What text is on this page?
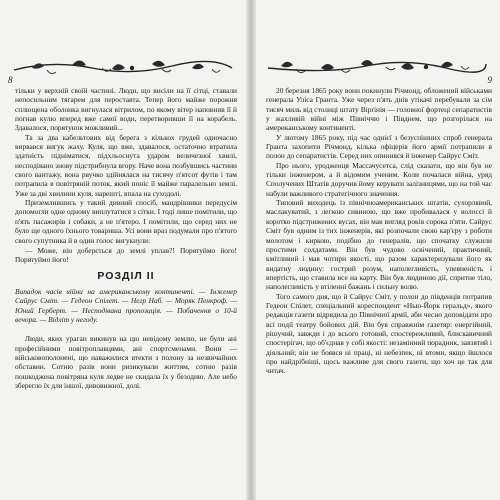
8

тільки у верхній своїй частині. Люди, що висіли на її сітці, ставали непосильним тягарем для пероставта. Тепер його майже порожня сплющена оболонка вигнулася вітрилом, по якому вітер наповнив її й погнав кулю вперед вже самої води, перетворивши її на корабель. Здавалося, порятунок можливий...

Та за два кабельтових від берега з кількох грудей одночасно вирвався вигук жаху. Куля, що вже, здавалося, остаточно втратила здатність підніматися, підхльоснута ударом величезної хвилі, несподівано знову підстрибнула вгору. Начe вона позбувшись частини свого вантажу, вона рвучко здійнялася на тисячу п'ятсот футів і там потрапила в повітряній поток, який поніс її майже паралельно землі. Уже за дві хвилини куля, нарешті, впала на суходолі.

Приземлившись у такий дивний спосіб, мандрівники передусім допомогли одне одному виплутатися з сітки. І тоді лише помітили, що п'ять пасажирів і собаки, а не п'ятеро. І помітили, що серед них не було ще одного їхнього товариша. Усі вони враз подумали про п'ятого свого супутника й в один голос вигукнули:

— Може, він доберється до землі уплав?! Порятуймо його! Порятуймо його!

РОЗДІЛ ІІ

Випадок часів війни на американському континенті. — Інженер Сайрус Сміт. — Гедеон Спілет. — Негр Наб. — Моряк Пенкроф. — Юний Герберт. — Несподівана пропозиція. — Побачення о 10-й вечора. — Відліт у негоду.

Люди, яких ураган викинув на цю невідому землю, не були ані професійними повітроплавцями, ані спортсменами. Вони — військовополонені, що наважилися втекти з полону за незвичайних обставин. Сотню разів вони ризикували життям, сотню разів пошкоджена повітряна куля ледве не скидала їх у безодню. Але небо зберегло їх для іншої, дивовижної, долі.

9

20 березня 1865 року вони покинули Річмонд, обложений військами генерала Уліса Гранта. Уже через п'ять днів утікачі перебували за сім тисяч миль від столиці штату Вірґінія — головної фортеці сепаратистів у жахливій війні між Північчю і Півднем, що розгорілася на американському континенті.

У лютому 1865 року, під час однієї з безуспішних спроб генерала Гранта захопити Річмонд, кілька офіцерів його армії потрапили в полон до сепаратистів. Серед них опинився й інженер Сайрус Сміт.

Про нього, уродженця Массачусетса, слід сказати, що він був не тільки інженером, а й відомим ученим. Коли почалася війна, уряд Сполучених Штатів доручив йому керувати залізницями, що на той час набули важливого стратегічного значення.

Типовий виходець із північноамериканських штатів, сухорлявий, маслакуватий, з легкою сивиною, що вже пробивалася у волоссі й коротко підстрижених вусах, він мав вигляд років сорока п'яти. Сайрус Сміт був одним із тих інженерів, які розпочали свою кар'єру з роботи молотом і киркою, подібно до генералів, що спочатку служили простими солдатами. Він був чудово освічений, практичний, кмітливий і мав чотири якості, що разом характеризували його як видатну людину: гострий розум, наполегливість, упевненість і впертість, що ставила все на карту. Він був людиною дії, спритне тіло, наполегливість у втіленні бажань і сильну волю.

Того самого дня, що й Сайрус Сміт, у полон до південців потрапив Гедеон Спілет, спеціальний кореспондент «Нью-Йорк геральд», якого редакція газети відрядила до Північної армії, аби чесно доповідати про всі події театру бойових дій. Він був справжнім газетяр: енергійний, рішучий, завжди і до всього готовий, спостережливий, блискавичний спостерігач, що об'єднав у собі якості: незамінний порадник, завзятий і діяльний; він не боявся ні праці, ні небезпек, ні втоми, якщо йшлося про найдрібніші, щось важливе для свого газети, що хоч це так для читач.
